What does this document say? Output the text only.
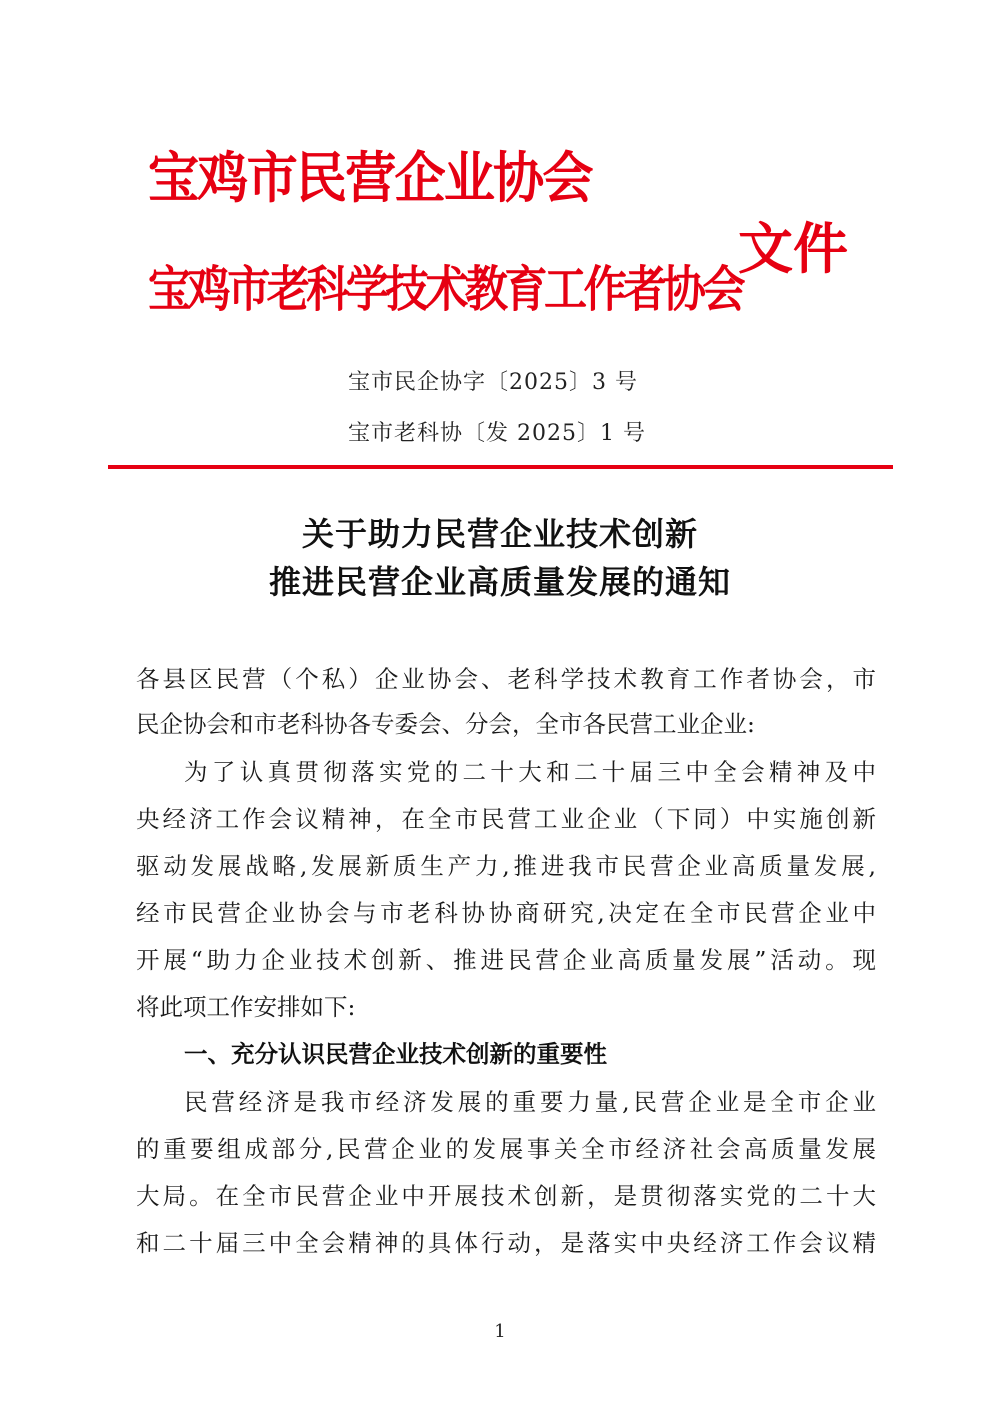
宝鸡市民营企业协会
宝鸡市老科学技术教育工作者协会
文件
宝市民企协字〔2025〕3 号
宝市老科协〔发 2025〕1 号
关于助力民营企业技术创新
推进民营企业高质量发展的通知
各县区民营（个私）企业协会、老科学技术教育工作者协会，市
民企协会和市老科协各专委会、分会，全市各民营工业企业:
为了认真贯彻落实党的二十大和二十届三中全会精神及中
央经济工作会议精神，在全市民营工业企业（下同）中实施创新
驱动发展战略,发展新质生产力,推进我市民营企业高质量发展,
经市民营企业协会与市老科协协商研究,决定在全市民营企业中
开展“助力企业技术创新、推进民营企业高质量发展”活动。现
将此项工作安排如下:
一、充分认识民营企业技术创新的重要性
民营经济是我市经济发展的重要力量,民营企业是全市企业
的重要组成部分,民营企业的发展事关全市经济社会高质量发展
大局。在全市民营企业中开展技术创新，是贯彻落实党的二十大
和二十届三中全会精神的具体行动，是落实中央经济工作会议精
1
